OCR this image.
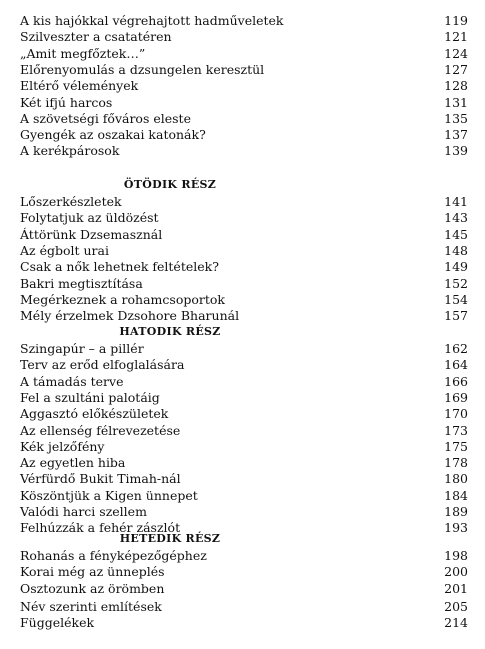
A kis hajókkal végrehajtott hadműveletek	119
Szilveszter a csatatéren	121
„Amit megfőztek…”	124
Előrenyomulás a dzsungelen keresztül	127
Eltérő vélemények	128
Két ifjú harcos	131
A szövetségi főváros eleste	135
Gyengék az oszakai katonák?	137
A kerékpárosok	139
ÖTÖDIK RÉSZ
Lőszerkészletek	141
Folytatjuk az üldözést	143
Áttörünk Dzsemasznál	145
Az égbolt urai	148
Csak a nők lehetnek feltételek?	149
Bakri megtisztítása	152
Megérkeznek a rohamcsoportok	154
Mély érzelmek Dzsohore Bharunál	157
HATODIK RÉSZ
Szingapúr – a pillér	162
Terv az erőd elfoglalására	164
A támadás terve	166
Fel a szultáni palotáig	169
Aggasztó előkészületek	170
Az ellenség félrevezetése	173
Kék jelzőfény	175
Az egyetlen hiba	178
Vérfürdő Bukit Timah-nál	180
Köszöntjük a Kigen ünnepet	184
Valódi harci szellem	189
Felhúzzák a fehér zászlót	193
HETEDIK RÉSZ
Rohanás a fényképezőgéphez	198
Korai még az ünneplés	200
Osztozunk az örömben	201
Név szerinti említések	205
Függelékek	214
